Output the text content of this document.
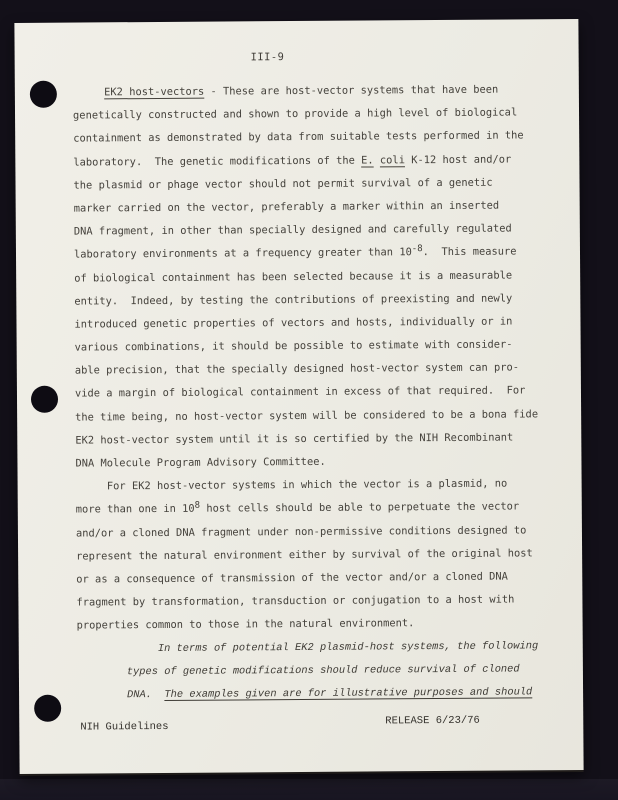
III-9
EK2 host-vectors - These are host-vector systems that have been
genetically constructed and shown to provide a high level of biological
containment as demonstrated by data from suitable tests performed in the
laboratory.  The genetic modifications of the E. coli K-12 host and/or
the plasmid or phage vector should not permit survival of a genetic
marker carried on the vector, preferably a marker within an inserted
DNA fragment, in other than specially designed and carefully regulated
laboratory environments at a frequency greater than 10-8.  This measure
of biological containment has been selected because it is a measurable
entity.  Indeed, by testing the contributions of preexisting and newly
introduced genetic properties of vectors and hosts, individually or in
various combinations, it should be possible to estimate with consider-
able precision, that the specially designed host-vector system can pro-
vide a margin of biological containment in excess of that required.  For
the time being, no host-vector system will be considered to be a bona fide
EK2 host-vector system until it is so certified by the NIH Recombinant
DNA Molecule Program Advisory Committee.
For EK2 host-vector systems in which the vector is a plasmid, no
more than one in 108 host cells should be able to perpetuate the vector
and/or a cloned DNA fragment under non-permissive conditions designed to
represent the natural environment either by survival of the original host
or as a consequence of transmission of the vector and/or a cloned DNA
fragment by transformation, transduction or conjugation to a host with
properties common to those in the natural environment.
In terms of potential EK2 plasmid-host systems, the following
types of genetic modifications should reduce survival of cloned
DNA.  The examples given are for illustrative purposes and should
NIH Guidelines	RELEASE 6/23/76
